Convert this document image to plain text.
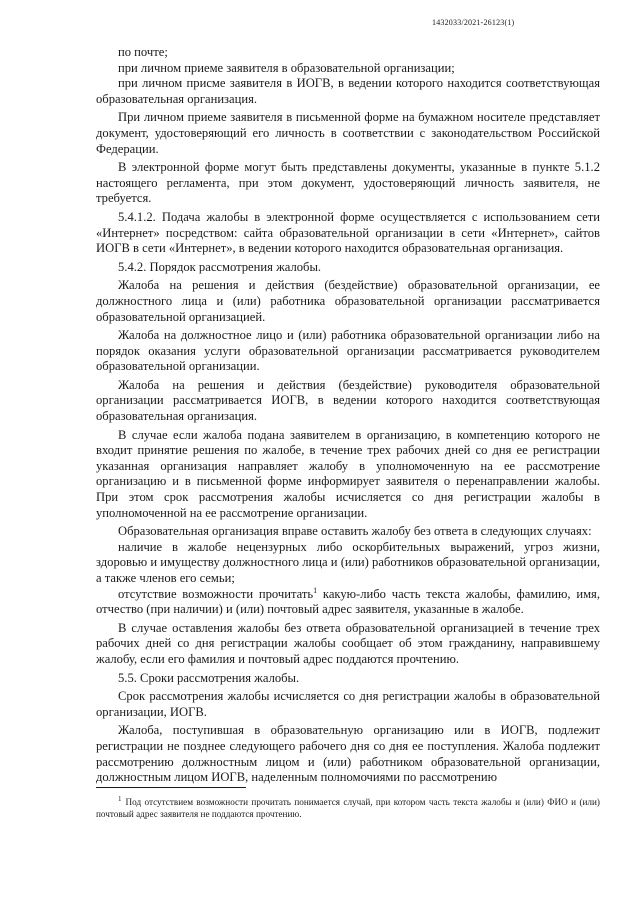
1432033/2021-26123(1)

по почте;

при личном приеме заявителя в образовательной организации;

при личном присме заявителя в ИОГВ, в ведении которого находится соответствующая образовательная организация.

При личном приеме заявителя в письменной форме на бумажном носителе представляет документ, удостоверяющий его личность в соответствии с законодательством Российской Федерации.

В электронной форме могут быть представлены документы, указанные в пункте 5.1.2 настоящего регламента, при этом документ, удостоверяющий личность заявителя, не требуется.

5.4.1.2. Подача жалобы в электронной форме осуществляется с использованием сети «Интернет» посредством: сайта образовательной организации в сети «Интернет», сайтов ИОГВ в сети «Интернет», в ведении которого находится образовательная организация.

5.4.2. Порядок рассмотрения жалобы.

Жалоба на решения и действия (бездействие) образовательной организации, ее должностного лица и (или) работника образовательной организации рассматривается образовательной организацией.

Жалоба на должностное лицо и (или) работника образовательной организации либо на порядок оказания услуги образовательной организации рассматривается руководителем образовательной организации.

Жалоба на решения и действия (бездействие) руководителя образовательной организации рассматривается ИОГВ, в ведении которого находится соответствующая образовательная организация.

В случае если жалоба подана заявителем в организацию, в компетенцию которого не входит принятие решения по жалобе, в течение трех рабочих дней со дня ее регистрации указанная организация направляет жалобу в уполномоченную на ее рассмотрение организацию и в письменной форме информирует заявителя о перенаправлении жалобы. При этом срок рассмотрения жалобы исчисляется со дня регистрации жалобы в уполномоченной на ее рассмотрение организации.

Образовательная организация вправе оставить жалобу без ответа в следующих случаях:

наличие в жалобе нецензурных либо оскорбительных выражений, угроз жизни, здоровью и имуществу должностного лица и (или) работников образовательной организации, а также членов его семьи;

отсутствие возможности прочитать$^1$ какую-либо часть текста жалобы, фамилию, имя, отчество (при наличии) и (или) почтовый адрес заявителя, указанные в жалобе.

В случае оставления жалобы без ответа образовательной организацией в течение трех рабочих дней со дня регистрации жалобы сообщает об этом гражданину, направившему жалобу, если его фамилия и почтовый адрес поддаются прочтению.

5.5. Сроки рассмотрения жалобы.

Срок рассмотрения жалобы исчисляется со дня регистрации жалобы в образовательной организации, ИОГВ.

Жалоба, поступившая в образовательную организацию или в ИОГВ, подлежит регистрации не позднее следующего рабочего дня со дня ее поступления. Жалоба подлежит рассмотрению должностным лицом и (или) работником образовательной организации, должностным лицом ИОГВ, наделенным полномочиями по рассмотрению

$^1$ Под отсутствием возможности прочитать понимается случай, при котором часть текста жалобы и (или) ФИО и (или) почтовый адрес заявителя не поддаются прочтению.
